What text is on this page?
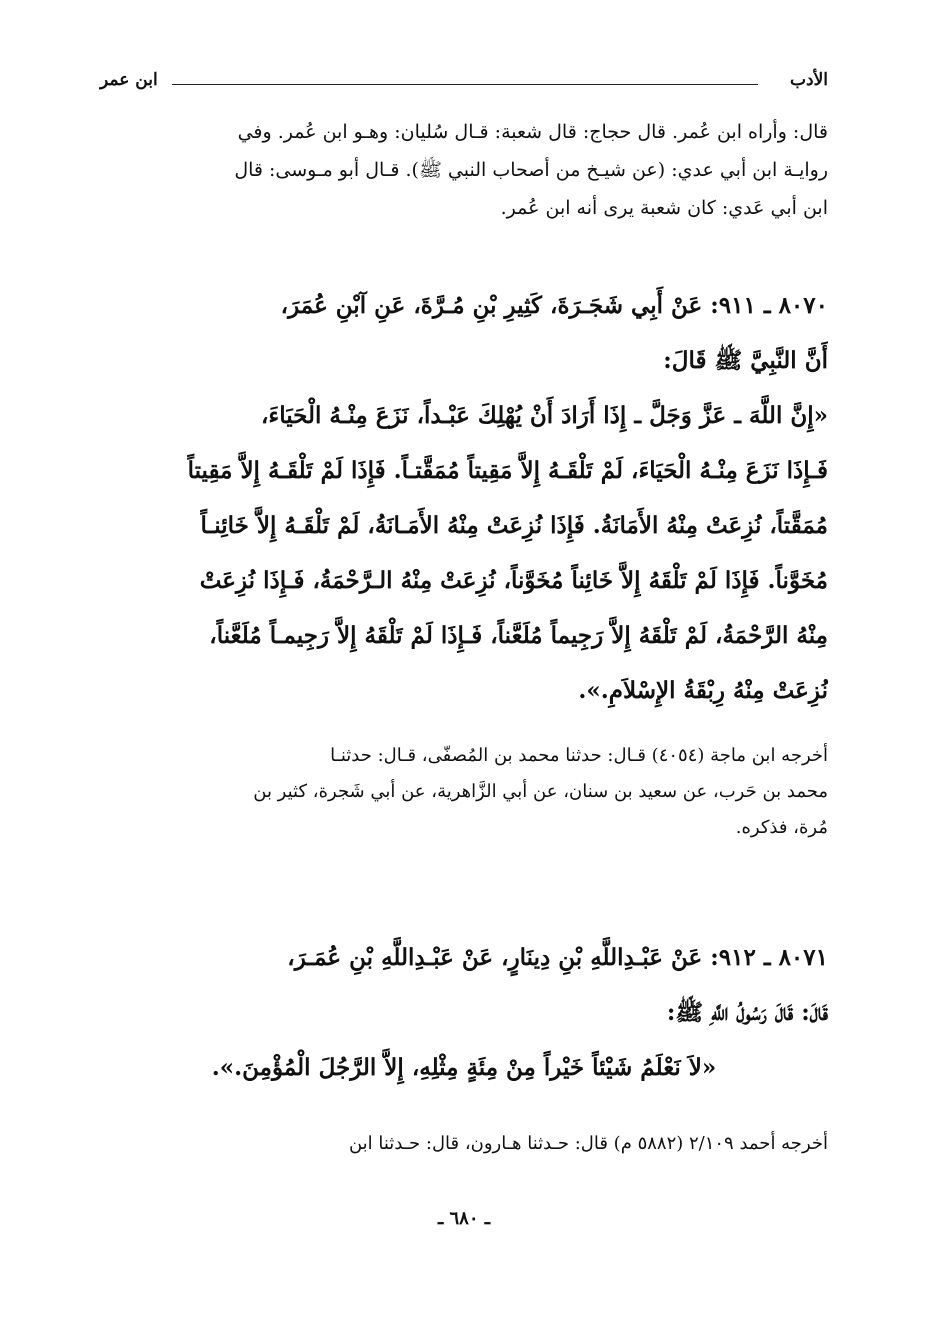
الأدب
ابن عمر
قال: وأراه ابن عُمر. قال حجاج: قال شعبة: قـال سُليان: وهـو ابن عُمر. وفي
روايـة ابن أبي عدي: (عن شيـخ من أصحاب النبي ﷺ). قـال أبو مـوسى: قال
ابن أبي عَدي: كان شعبة يرى أنه ابن عُمر.
٨٠٧٠ ـ ٩١١: عَنْ أَبِي شَجَـرَةَ، كَثِيرِ بْنِ مُـرَّةَ، عَنِ آبْنِ عُمَرَ،
أَنَّ النَّبِيَّ ﷺ قَالَ:
«إِنَّ اللَّهَ ـ عَزَّ وَجَلَّ ـ إِذَا أَرَادَ أَنْ يُهْلِكَ عَبْـداً، نَزَعَ مِنْـهُ الْحَيَاءَ،
فَـإِذَا نَزَعَ مِنْـهُ الْحَيَاءَ، لَمْ تَلْقَـهُ إِلاَّ مَقِيتاً مُمَقَّتـاً. فَإِذَا لَمْ تَلْقَـهُ إِلاَّ مَقِيتاً
مُمَقَّتاً، نُزِعَتْ مِنْهُ الأَمَانَةُ. فَإِذَا نُزِعَتْ مِنْهُ الأَمَـانَةُ، لَمْ تَلْقَـهُ إِلاَّ خَائِنـاً
مُخَوَّناً. فَإِذَا لَمْ تَلْقَهُ إِلاَّ خَائِناً مُخَوَّناً، نُزِعَتْ مِنْهُ الـرَّحْمَةُ، فَـإِذَا نُزِعَتْ
مِنْهُ الرَّحْمَةُ، لَمْ تَلْقَهُ إِلاَّ رَجِيماً مُلَعَّناً، فَـإِذَا لَمْ تَلْقَهُ إِلاَّ رَجِيمـاً مُلَعَّناً،
نُزِعَتْ مِنْهُ رِبْقَةُ الإِسْلاَمِ.».
أخرجه ابن ماجة (٤٠٥٤) قـال: حدثنا محمد بن المُصفّى، قـال: حدثنـا
محمد بن حَرب، عن سعيد بن سنان، عن أبي الزَّاهرية، عن أبي شَجرة، كثير بن
مُرة، فذكره.
٨٠٧١ ـ ٩١٢: عَنْ عَبْـدِاللَّهِ بْنِ دِينَارٍ، عَنْ عَبْـدِاللَّهِ بْنِ عُمَـرَ،
قَالَ: قَالَ رَسُولُ اللَّهِ ﷺ:
«لاَ نَعْلَمُ شَيْئاً خَيْراً مِنْ مِئَةٍ مِثْلِهِ، إِلاَّ الرَّجُلَ الْمُؤْمِنَ.».
أخرجه أحمد ٢/١٠٩ (٥٨٨٢ م) قال: حـدثنا هـارون، قال: حـدثنا ابن
ـ ٦٨٠ ـ
